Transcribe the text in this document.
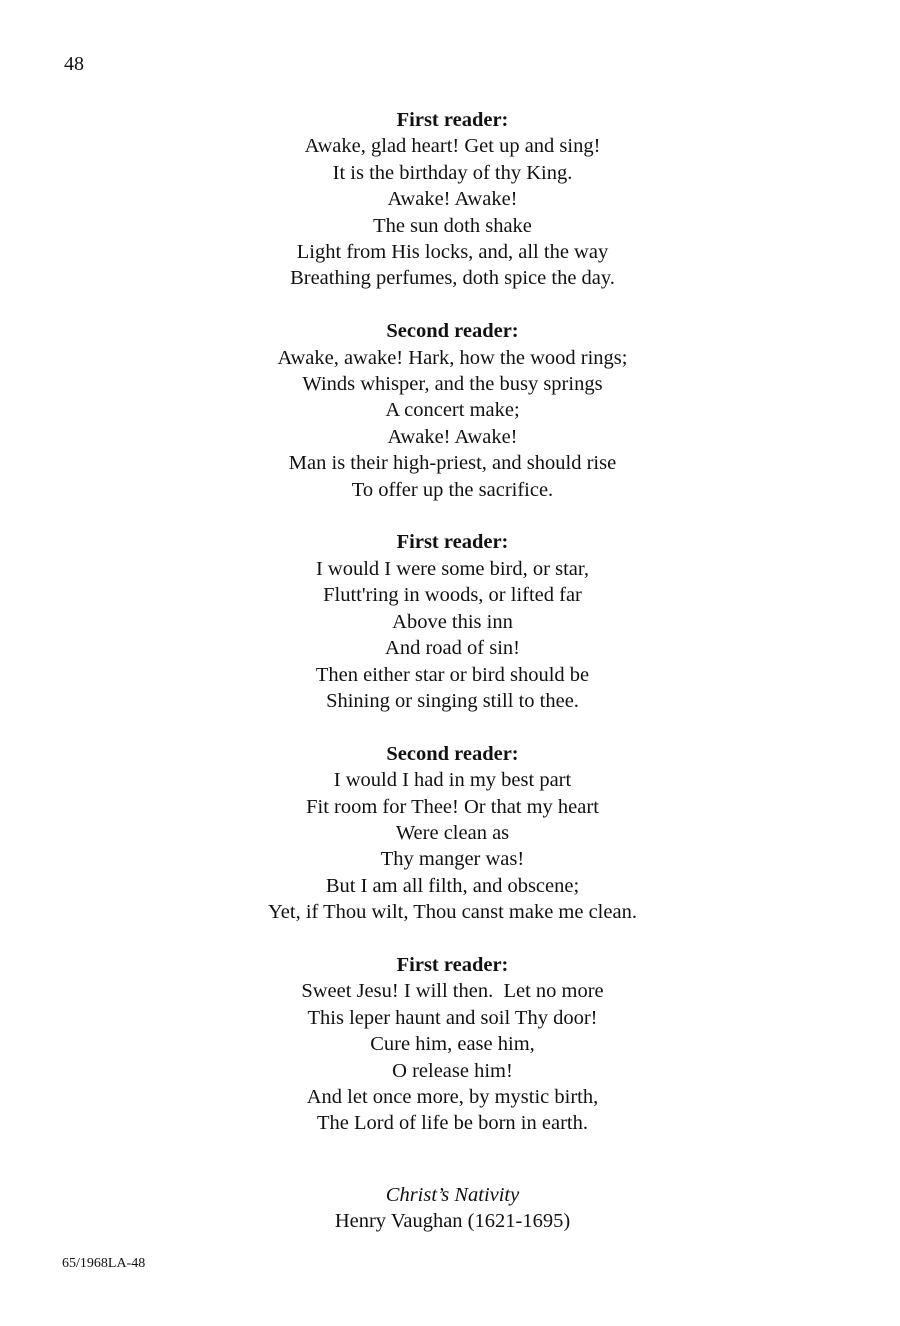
48
First reader:
Awake, glad heart! Get up and sing!
It is the birthday of thy King.
Awake! Awake!
The sun doth shake
Light from His locks, and, all the way
Breathing perfumes, doth spice the day.
Second reader:
Awake, awake! Hark, how the wood rings;
Winds whisper, and the busy springs
A concert make;
Awake! Awake!
Man is their high-priest, and should rise
To offer up the sacrifice.
First reader:
I would I were some bird, or star,
Flutt'ring in woods, or lifted far
Above this inn
And road of sin!
Then either star or bird should be
Shining or singing still to thee.
Second reader:
I would I had in my best part
Fit room for Thee! Or that my heart
Were clean as
Thy manger was!
But I am all filth, and obscene;
Yet, if Thou wilt, Thou canst make me clean.
First reader:
Sweet Jesu! I will then.  Let no more
This leper haunt and soil Thy door!
Cure him, ease him,
O release him!
And let once more, by mystic birth,
The Lord of life be born in earth.
Christ’s Nativity
Henry Vaughan (1621-1695)
65/1968LA-48
